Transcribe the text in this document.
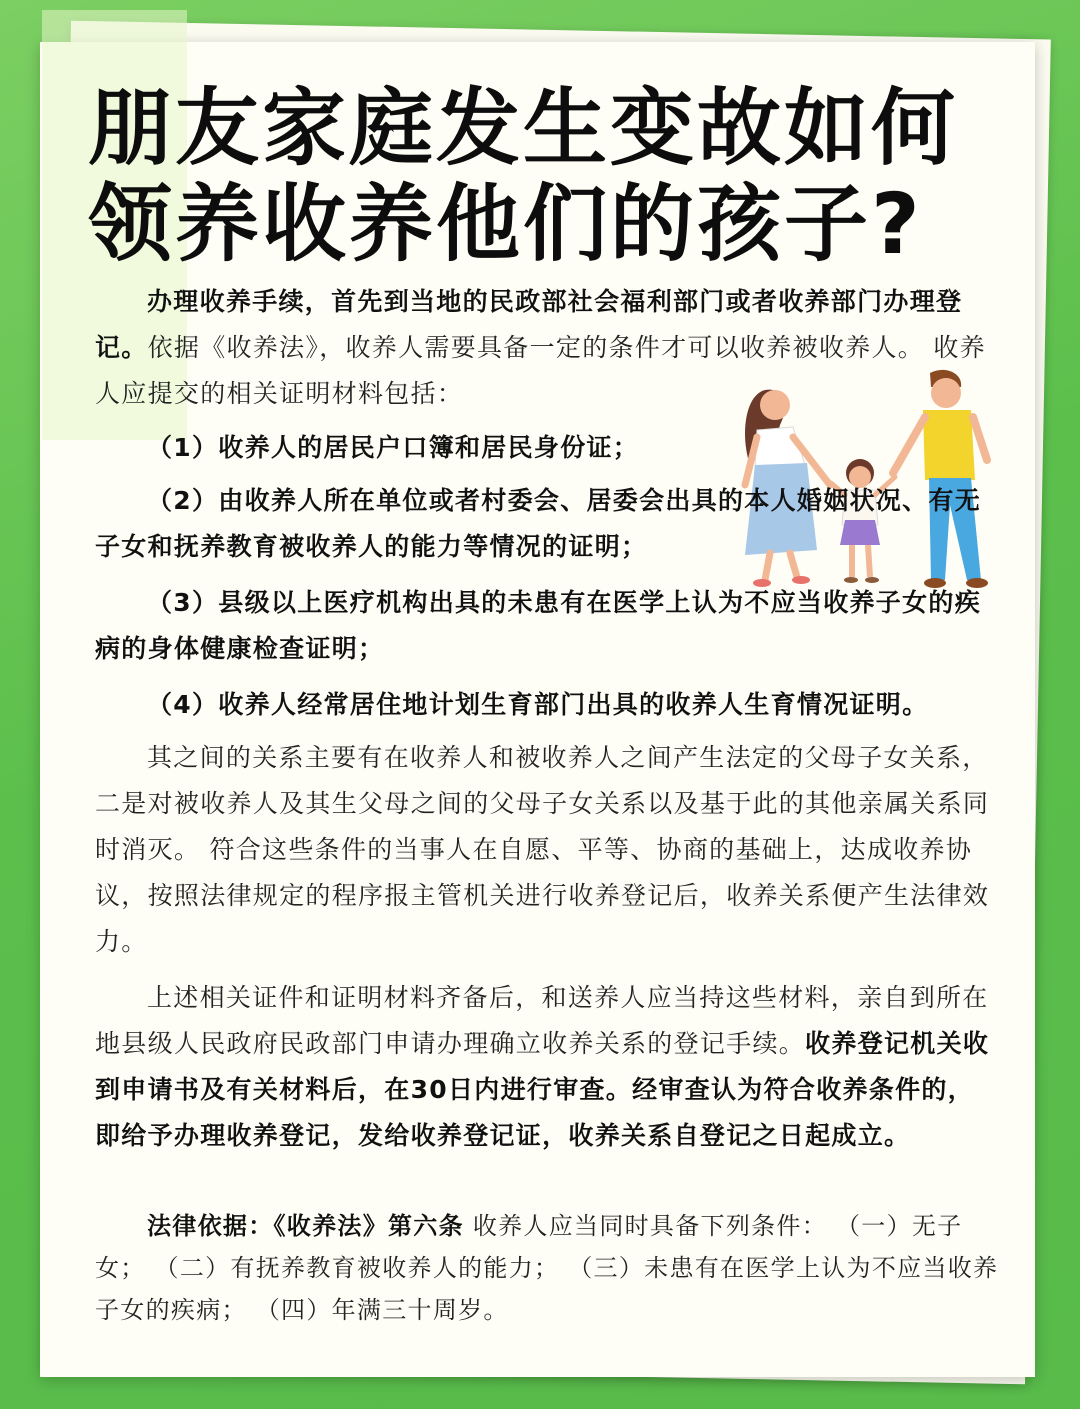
朋友家庭发生变故如何
领养收养他们的孩子?

办理收养手续，首先到当地的民政部社会福利部门或者收养部门办理登记。依据《收养法》，收养人需要具备一定的条件才可以收养被收养人。 收养人应提交的相关证明材料包括：

（1）收养人的居民户口簿和居民身份证；

（2）由收养人所在单位或者村委会、居委会出具的本人婚姻状况、有无子女和抚养教育被收养人的能力等情况的证明；

（3）县级以上医疗机构出具的未患有在医学上认为不应当收养子女的疾病的身体健康检查证明；

（4）收养人经常居住地计划生育部门出具的收养人生育情况证明。

其之间的关系主要有在收养人和被收养人之间产生法定的父母子女关系，二是对被收养人及其生父母之间的父母子女关系以及基于此的其他亲属关系同时消灭。 符合这些条件的当事人在自愿、平等、协商的基础上，达成收养协议，按照法律规定的程序报主管机关进行收养登记后，收养关系便产生法律效力。

上述相关证件和证明材料齐备后，和送养人应当持这些材料，亲自到所在地县级人民政府民政部门申请办理确立收养关系的登记手续。收养登记机关收到申请书及有关材料后，在30日内进行审查。经审查认为符合收养条件的，即给予办理收养登记，发给收养登记证，收养关系自登记之日起成立。

法律依据：《收养法》第六条 收养人应当同时具备下列条件： （一）无子女； （二）有抚养教育被收养人的能力； （三）未患有在医学上认为不应当收养子女的疾病； （四）年满三十周岁。
